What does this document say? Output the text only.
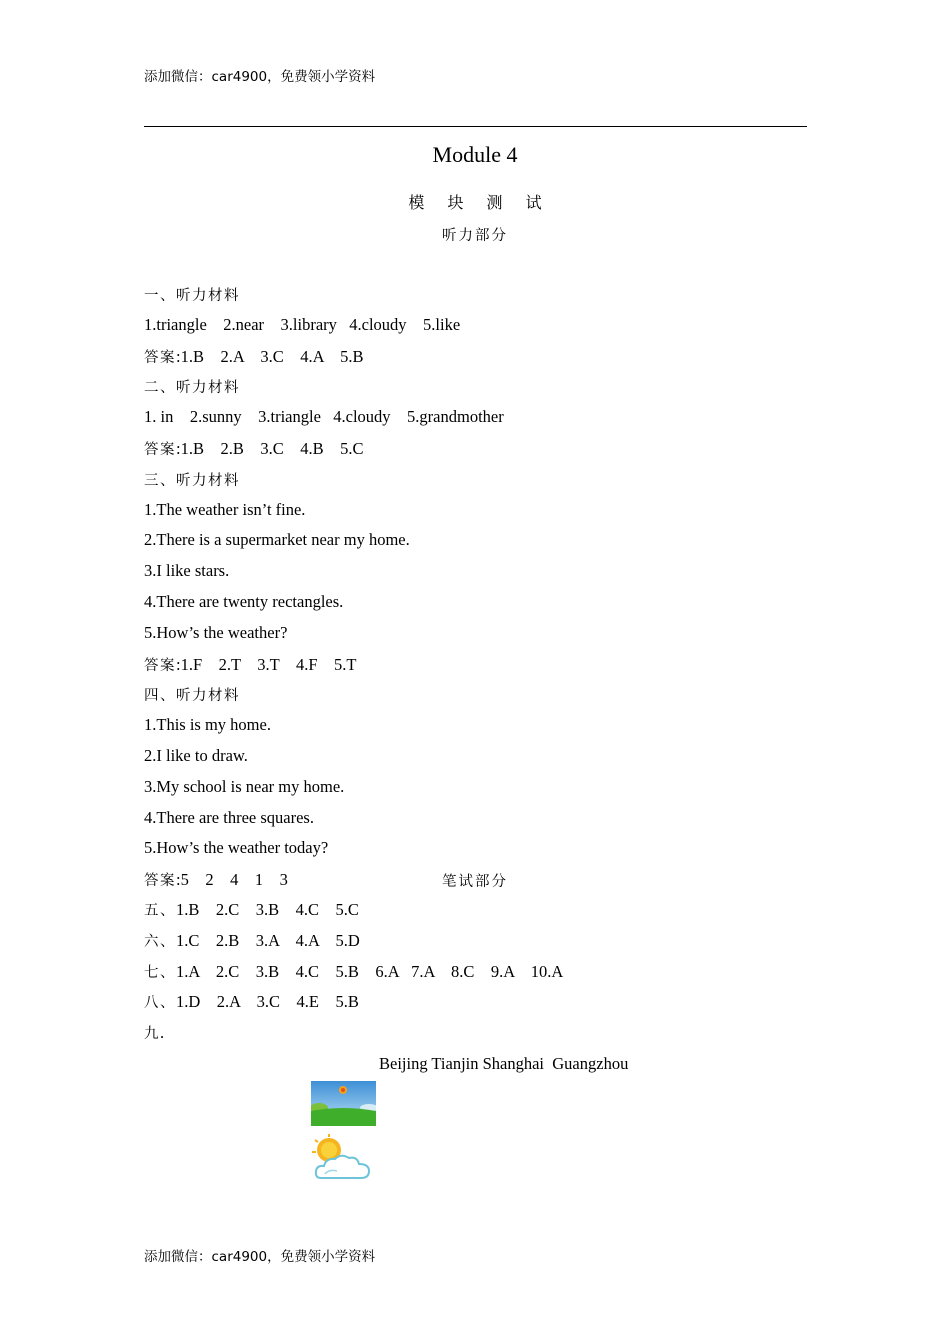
添加微信：car4900，免费领小学资料
Module 4
模 块 测 试
听力部分
一、听力材料
1.triangle    2.near    3.library   4.cloudy    5.like
答案:1.B    2.A    3.C    4.A    5.B
二、听力材料
1. in    2.sunny    3.triangle   4.cloudy    5.grandmother
答案:1.B    2.B    3.C    4.B    5.C
三、听力材料
1.The weather isn’t fine.
2.There is a supermarket near my home.
3.I like stars.
4.There are twenty rectangles.
5.How’s the weather?
答案:1.F    2.T    3.T    4.F    5.T
四、听力材料
1.This is my home.
2.I like to draw.
3.My school is near my home.
4.There are three squares.
5.How’s the weather today?
答案:5    2    4    1    3	笔试部分
五、1.B    2.C    3.B    4.C    5.C
六、1.C    2.B    3.A    4.A    5.D
七、1.A    2.C    3.B    4.C    5.B    6.A   7.A    8.C    9.A    10.A
八、1.D    2.A    3.C    4.E    5.B
九.
Beijing Tianjin Shanghai  Guangzhou
添加微信：car4900，免费领小学资料
